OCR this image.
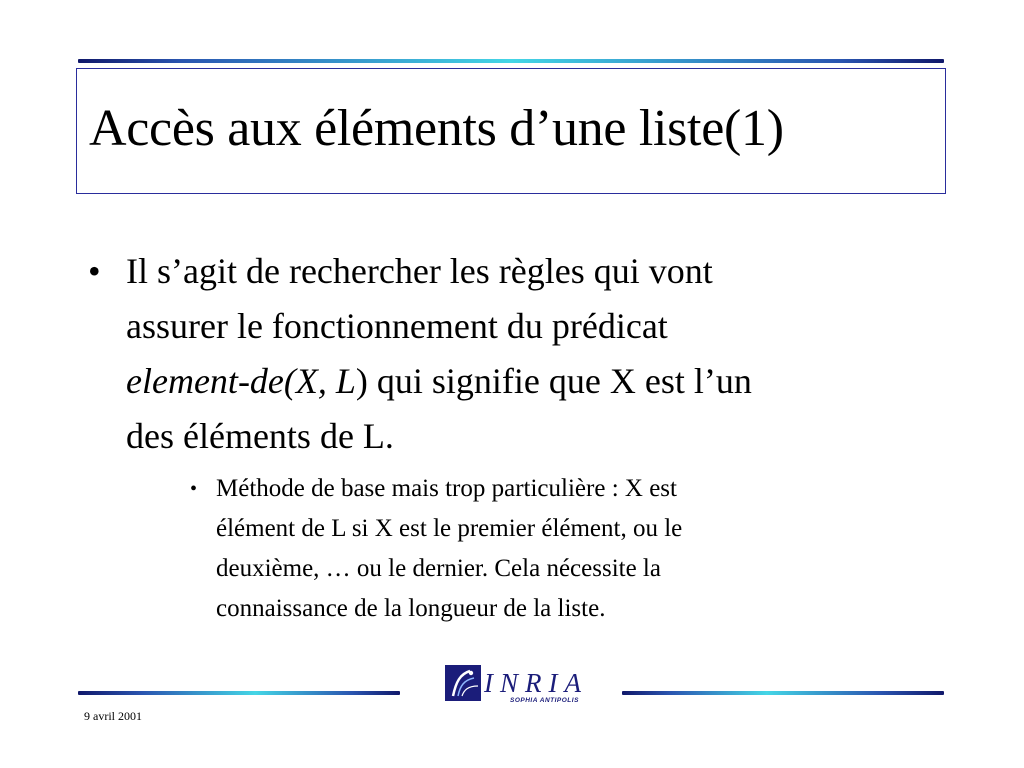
Accès aux éléments d’une liste(1)
• Il s’agit de rechercher les règles qui vont
assurer le fonctionnement du prédicat
element-de(X, L) qui signifie que X est l’un
des éléments de L.
• Méthode de base mais trop particulière : X est
élément de L si X est le premier élément, ou le
deuxième, … ou le dernier. Cela nécessite la
connaissance de la longueur de la liste.
INRIA
SOPHIA ANTIPOLIS
9 avril 2001
